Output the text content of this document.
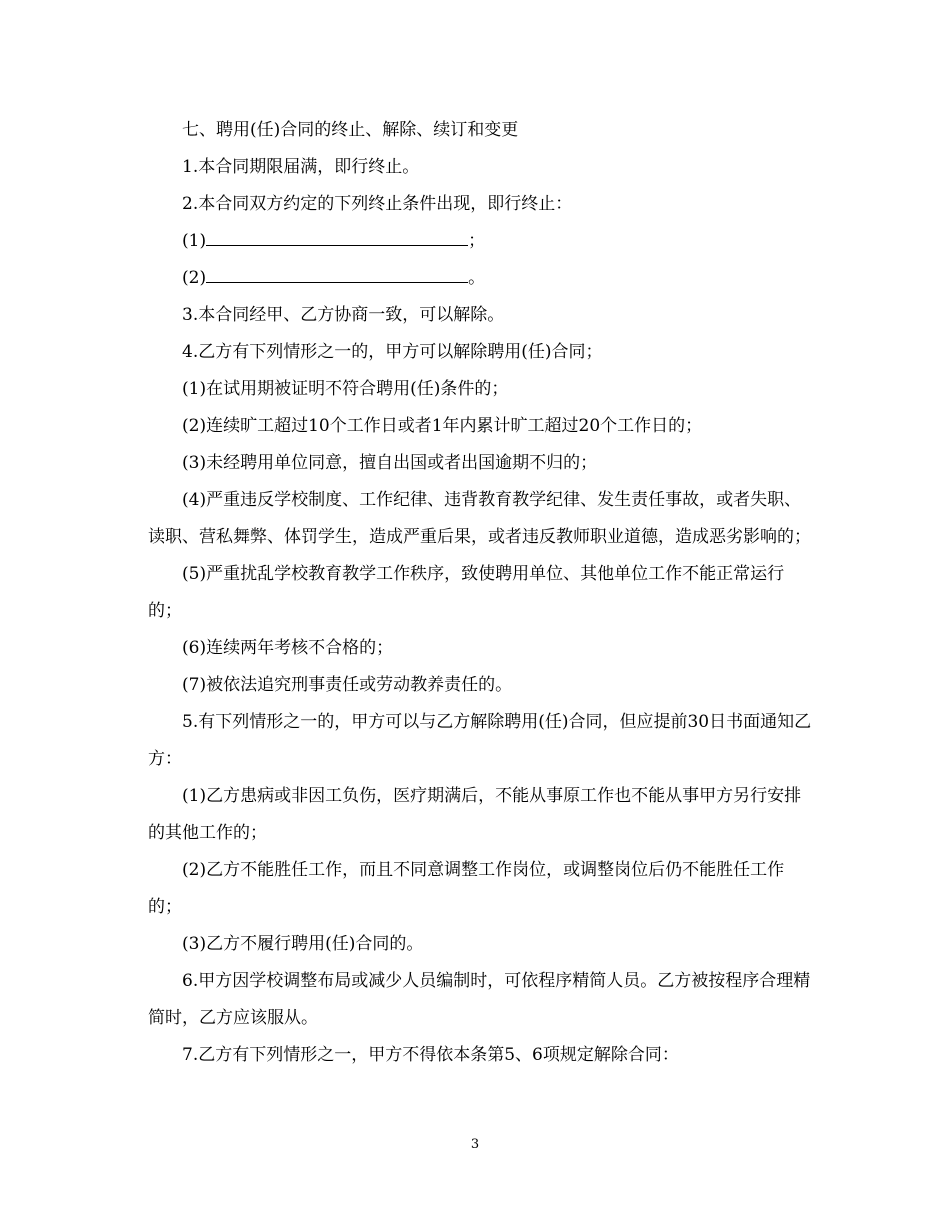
七、聘用(任)合同的终止、解除、续订和变更

1.本合同期限届满，即行终止。

2.本合同双方约定的下列终止条件出现，即行终止：

(1)	；

(2)	。

3.本合同经甲、乙方协商一致，可以解除。

4.乙方有下列情形之一的，甲方可以解除聘用(任)合同；

(1)在试用期被证明不符合聘用(任)条件的；

(2)连续旷工超过10个工作日或者1年内累计旷工超过20个工作日的；

(3)未经聘用单位同意，擅自出国或者出国逾期不归的；

(4)严重违反学校制度、工作纪律、违背教育教学纪律、发生责任事故，或者失职、读职、营私舞弊、体罚学生，造成严重后果，或者违反教师职业道德，造成恶劣影响的；

(5)严重扰乱学校教育教学工作秩序，致使聘用单位、其他单位工作不能正常运行的；

(6)连续两年考核不合格的；

(7)被依法追究刑事责任或劳动教养责任的。

5.有下列情形之一的，甲方可以与乙方解除聘用(任)合同，但应提前30日书面通知乙方：

(1)乙方患病或非因工负伤，医疗期满后，不能从事原工作也不能从事甲方另行安排的其他工作的；

(2)乙方不能胜任工作，而且不同意调整工作岗位，或调整岗位后仍不能胜任工作的；

(3)乙方不履行聘用(任)合同的。

6.甲方因学校调整布局或减少人员编制时，可依程序精简人员。乙方被按程序合理精简时，乙方应该服从。

7.乙方有下列情形之一，甲方不得依本条第5、6项规定解除合同：

3
